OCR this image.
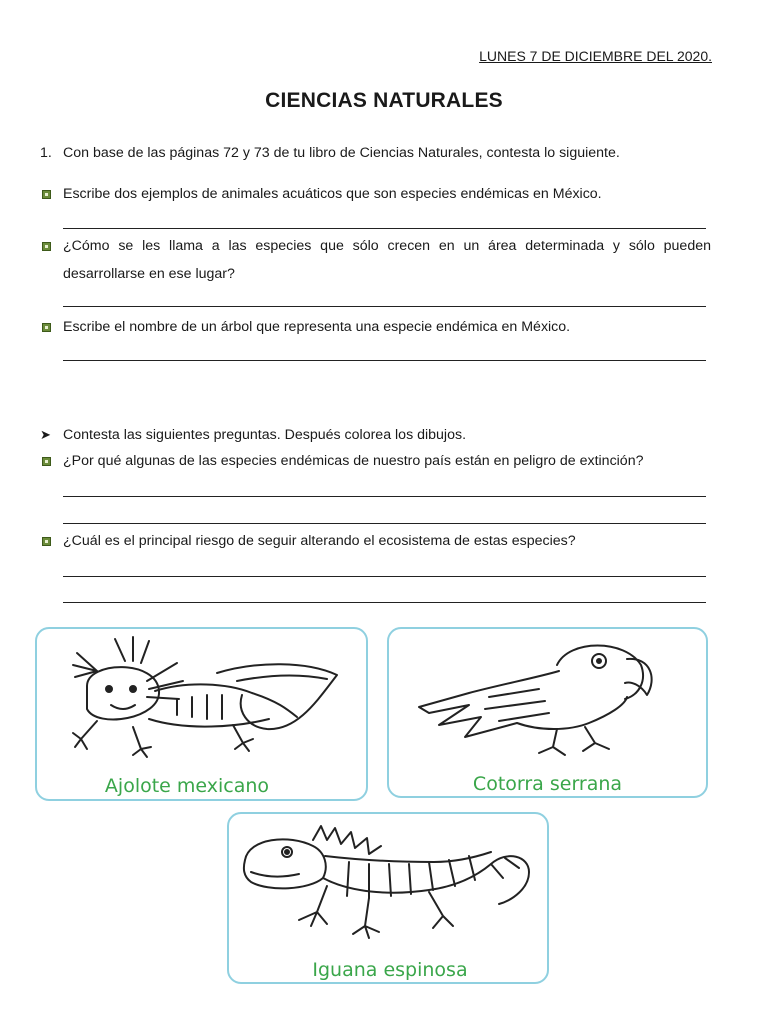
LUNES 7 DE DICIEMBRE DEL 2020.
CIENCIAS NATURALES
1. Con base de las páginas 72 y 73 de tu libro de Ciencias Naturales, contesta lo siguiente.
Escribe dos ejemplos de animales acuáticos que son especies endémicas en México.
¿Cómo se les llama a las especies que sólo crecen en un área determinada y sólo pueden
desarrollarse en ese lugar?
Escribe el nombre de un árbol que representa una especie endémica en México.
➤ Contesta las siguientes preguntas. Después colorea los dibujos.
¿Por qué algunas de las especies endémicas de nuestro país están en peligro de extinción?
¿Cuál es el principal riesgo de seguir alterando el ecosistema de estas especies?
Ajolote mexicano	Cotorra serrana
Iguana espinosa
